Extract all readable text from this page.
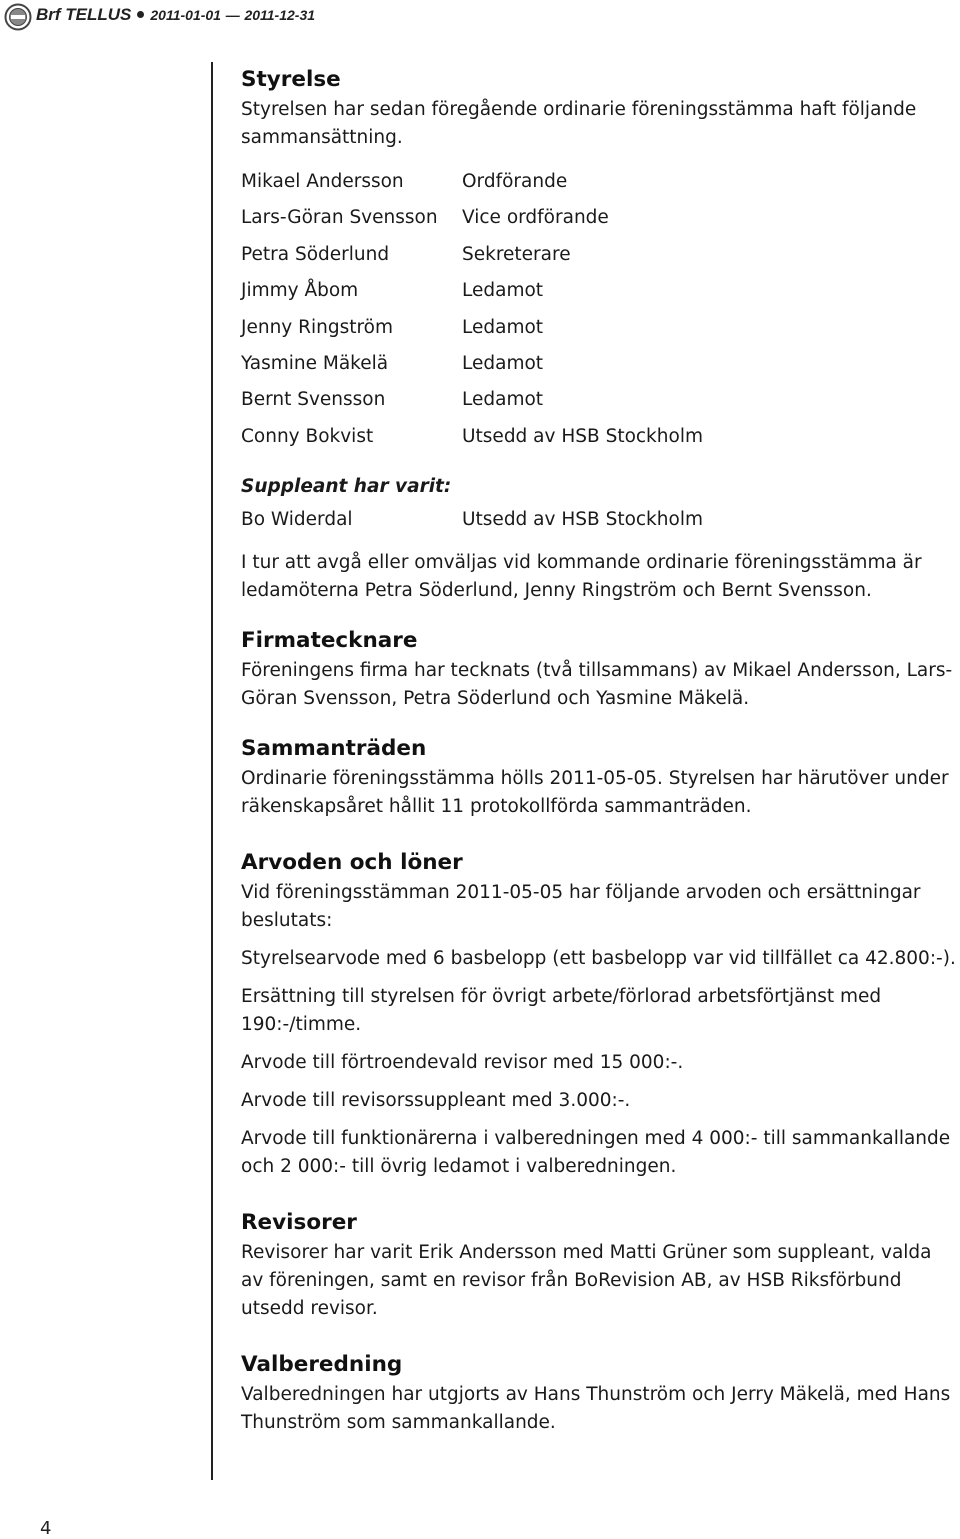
Brf TELLUS 2011-01-01 — 2011-12-31
Styrelse

Styrelsen har sedan föregående ordinarie föreningsstämma haft följande sammansättning.

Mikael Andersson	Ordförande
Lars-Göran Svensson	Vice ordförande
Petra Söderlund	Sekreterare
Jimmy Åbom	Ledamot
Jenny Ringström	Ledamot
Yasmine Mäkelä	Ledamot
Bernt Svensson	Ledamot
Conny Bokvist	Utsedd av HSB Stockholm
Suppleant har varit:
Bo Widerdal	Utsedd av HSB Stockholm

I tur att avgå eller omväljas vid kommande ordinarie föreningsstämma är ledamöterna Petra Söderlund, Jenny Ringström och Bernt Svensson.

Firmatecknare

Föreningens firma har tecknats (två tillsammans) av Mikael Andersson, Lars-Göran Svensson, Petra Söderlund och Yasmine Mäkelä.

Sammanträden

Ordinarie föreningsstämma hölls 2011-05-05. Styrelsen har härutöver under räkenskapsåret hållit 11 protokollförda sammanträden.

Arvoden och löner

Vid föreningsstämman 2011-05-05 har följande arvoden och ersättningar beslutats:

Styrelsearvode med 6 basbelopp (ett basbelopp var vid tillfället ca 42.800:-).

Ersättning till styrelsen för övrigt arbete/förlorad arbetsförtjänst med 190:-/timme.

Arvode till förtroendevald revisor med 15 000:-.

Arvode till revisorssuppleant med 3.000:-.

Arvode till funktionärerna i valberedningen med 4 000:- till sammankallande och 2 000:- till övrig ledamot i valberedningen.

Revisorer

Revisorer har varit Erik Andersson med Matti Grüner som suppleant, valda av föreningen, samt en revisor från BoRevision AB, av HSB Riksförbund utsedd revisor.

Valberedning

Valberedningen har utgjorts av Hans Thunström och Jerry Mäkelä, med Hans Thunström som sammankallande.

4
